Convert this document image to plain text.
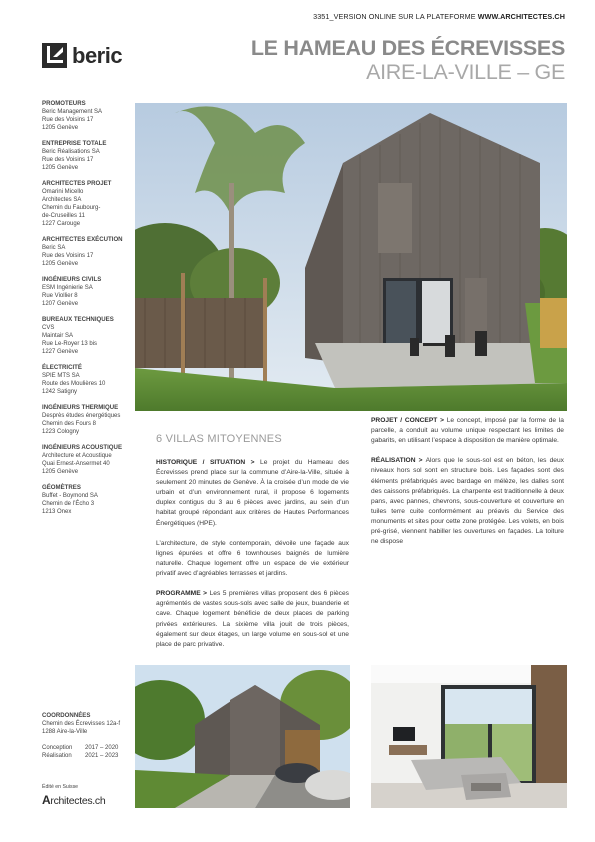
3351_VERSION ONLINE SUR LA PLATEFORME WWW.ARCHITECTES.CH
beric	LE HAMEAU DES ÉCREVISSES
AIRE-LA-VILLE – GE
PROMOTEURS
Beric Management SA
Rue des Voisins 17
1205 Genève
ENTREPRISE TOTALE
Beric Réalisations SA
Rue des Voisins 17
1205 Genève
ARCHITECTES PROJET
Omarini Micello
Architectes SA
Chemin du Faubourg-
de-Cruseilles 11
1227 Carouge
ARCHITECTES EXÉCUTION
Beric SA
Rue des Voisins 17
1205 Genève
INGÉNIEURS CIVILS
ESM Ingénierie SA
Rue Viollier 8
1207 Genève
BUREAUX TECHNIQUES
CVS
Maintair SA
Rue Le-Royer 13 bis
1227 Genève
ÉLECTRICITÉ
SPIE MTS SA
Route des Moulières 10
1242 Satigny
INGÉNIEURS THERMIQUE
Desprès études énergétiques
Chemin des Fours 8
1223 Cologny
INGÉNIEURS ACOUSTIQUE
Architecture et Acoustique
Quai Ernest-Ansermet 40
1205 Genève
GÉOMÈTRES
Buffet - Boymond SA
Chemin de l’Écho 3
1213 Onex
6 VILLAS MITOYENNES

HISTORIQUE / SITUATION > Le projet du Hameau des Écrevisses prend place sur la commune d’Aire-la-Ville, située à seulement 20 minutes de Genève. À la croisée d’un mode de vie urbain et d’un environnement rural, il propose 6 logements duplex contigus du 3 au 6 pièces avec jardins, au sein d’un habitat groupé répondant aux critères de Hautes Performances Énergétiques (HPE).

L’architecture, de style contemporain, dévoile une façade aux lignes épurées et offre 6 townhouses baignés de lumière naturelle. Chaque logement offre un espace de vie extérieur privatif avec d’agréables terrasses et jardins.

PROGRAMME > Les 5 premières villas proposent des 6 pièces agrémentés de vastes sous-sols avec salle de jeux, buanderie et cave. Chaque logement bénéficie de deux places de parking privées extérieures. La sixième villa jouit de trois pièces, également sur deux étages, un large volume en sous-sol et une place de parc privative.

PROJET / CONCEPT > Le concept, imposé par la forme de la parcelle, a conduit au volume unique respectant les limites de gabarits, en utilisant l’espace à disposition de manière optimale.

RÉALISATION > Alors que le sous-sol est en béton, les deux niveaux hors sol sont en structure bois. Les façades sont des éléments préfabriqués avec bardage en mélèze, les dalles sont des caissons préfabriqués. La charpente est traditionnelle à deux pans, avec pannes, chevrons, sous-couverture et couverture en tuiles terre cuite conformément au préavis du Service des monuments et sites pour cette zone protégée. Les volets, en bois pré-grisé, viennent habiller les ouvertures en façades. La toiture ne dispose

COORDONNÉES
Chemin des Écrevisses 12a-f
1288 Aire-la-Ville
Conception	2017 – 2020
Réalisation	2021 – 2023
Édité en Suisse
Architectes.ch
